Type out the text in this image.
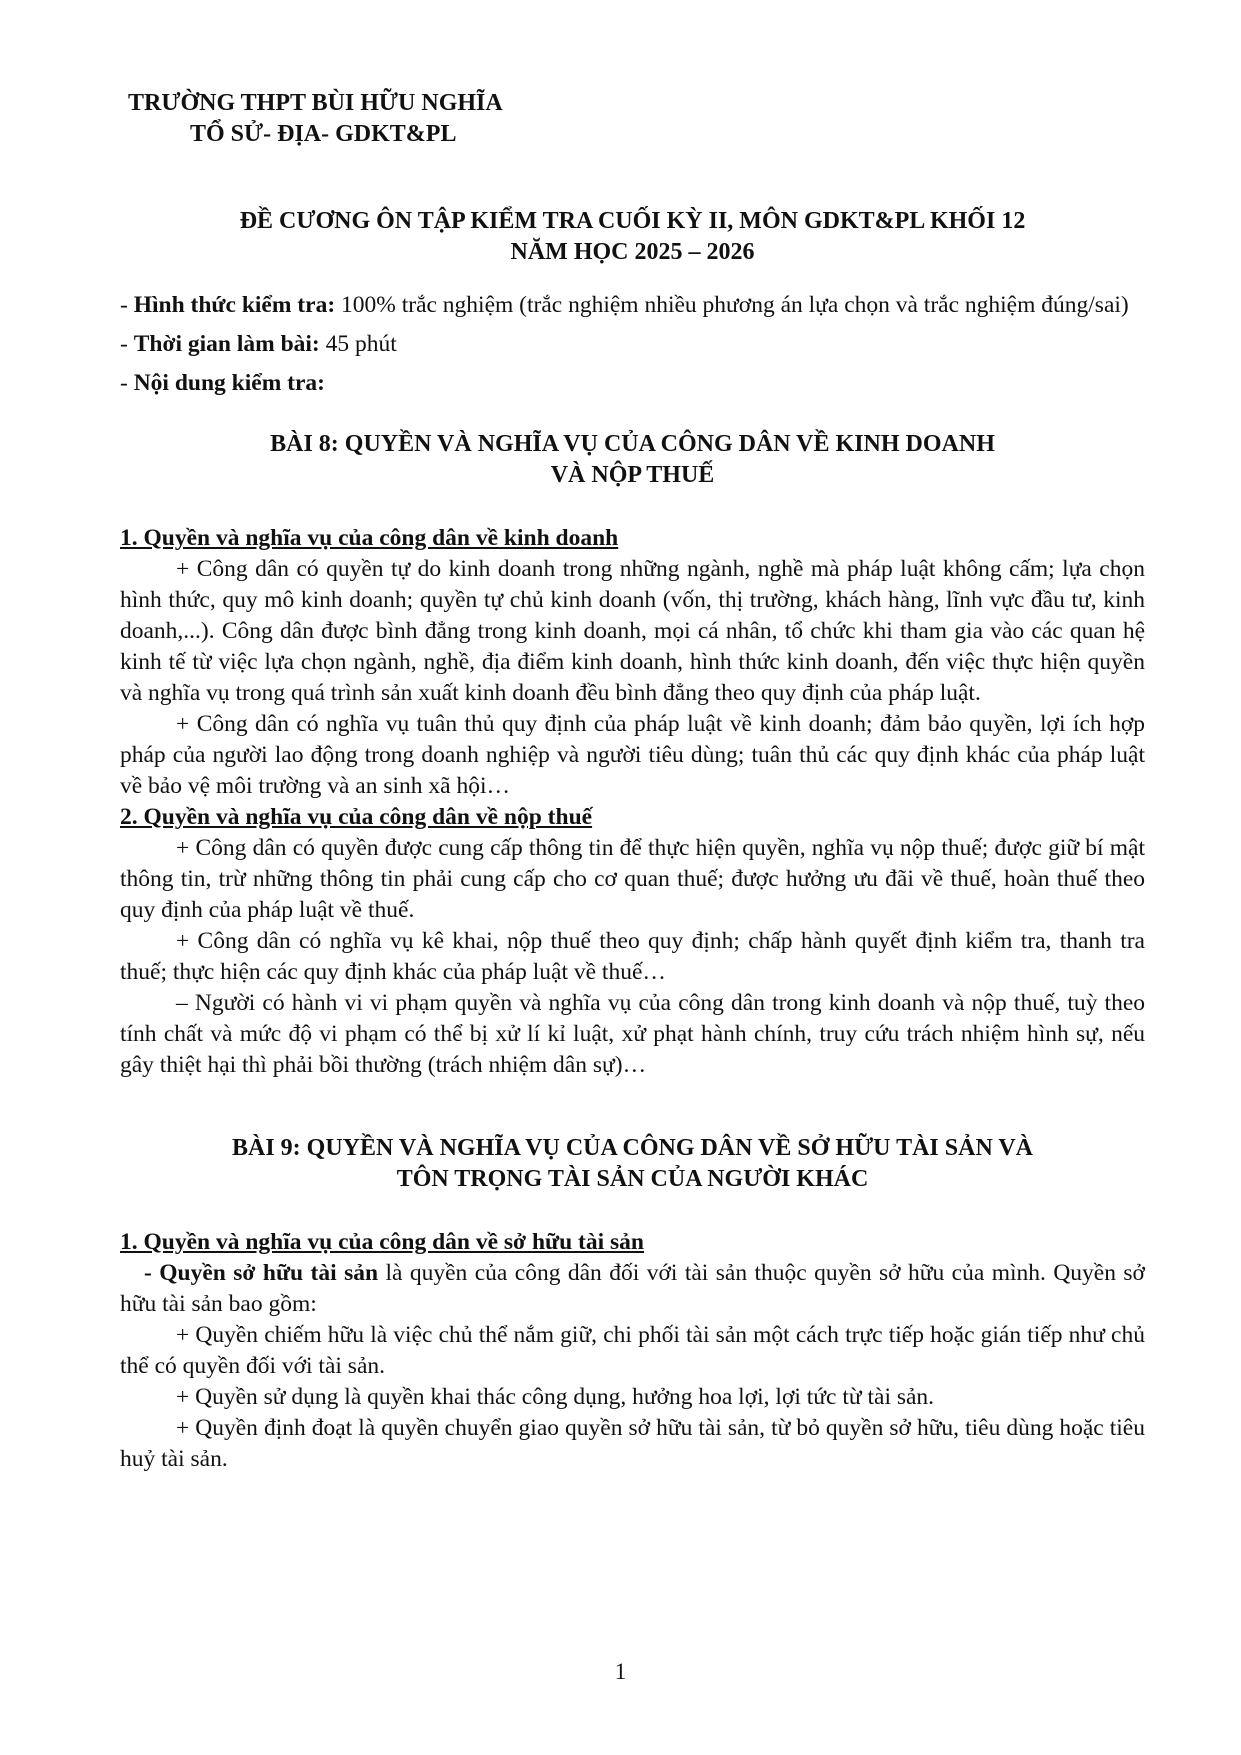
TRƯỜNG THPT BÙI HỮU NGHĨA
TỔ SỬ- ĐỊA- GDKT&PL
ĐỀ CƯƠNG ÔN TẬP KIỂM TRA CUỐI KỲ II, MÔN GDKT&PL KHỐI 12
NĂM HỌC 2025 – 2026

- Hình thức kiểm tra: 100% trắc nghiệm (trắc nghiệm nhiều phương án lựa chọn và trắc nghiệm đúng/sai)

- Thời gian làm bài: 45 phút

- Nội dung kiểm tra:

BÀI 8: QUYỀN VÀ NGHĨA VỤ CỦA CÔNG DÂN VỀ KINH DOANH
VÀ NỘP THUẾ

1. Quyền và nghĩa vụ của công dân về kinh doanh

+ Công dân có quyền tự do kinh doanh trong những ngành, nghề mà pháp luật không cấm; lựa chọn hình thức, quy mô kinh doanh; quyền tự chủ kinh doanh (vốn, thị trường, khách hàng, lĩnh vực đầu tư, kinh doanh,...). Công dân được bình đẳng trong kinh doanh, mọi cá nhân, tổ chức khi tham gia vào các quan hệ kinh tế từ việc lựa chọn ngành, nghề, địa điểm kinh doanh, hình thức kinh doanh, đến việc thực hiện quyền và nghĩa vụ trong quá trình sản xuất kinh doanh đều bình đẳng theo quy định của pháp luật.

+ Công dân có nghĩa vụ tuân thủ quy định của pháp luật về kinh doanh; đảm bảo quyền, lợi ích hợp pháp của người lao động trong doanh nghiệp và người tiêu dùng; tuân thủ các quy định khác của pháp luật về bảo vệ môi trường và an sinh xã hội…

2. Quyền và nghĩa vụ của công dân về nộp thuế

+ Công dân có quyền được cung cấp thông tin để thực hiện quyền, nghĩa vụ nộp thuế; được giữ bí mật thông tin, trừ những thông tin phải cung cấp cho cơ quan thuế; được hưởng ưu đãi về thuế, hoàn thuế theo quy định của pháp luật về thuế.

+ Công dân có nghĩa vụ kê khai, nộp thuế theo quy định; chấp hành quyết định kiểm tra, thanh tra thuế; thực hiện các quy định khác của pháp luật về thuế…

– Người có hành vi vi phạm quyền và nghĩa vụ của công dân trong kinh doanh và nộp thuế, tuỳ theo tính chất và mức độ vi phạm có thể bị xử lí kỉ luật, xử phạt hành chính, truy cứu trách nhiệm hình sự, nếu gây thiệt hại thì phải bồi thường (trách nhiệm dân sự)…

BÀI 9: QUYỀN VÀ NGHĨA VỤ CỦA CÔNG DÂN VỀ SỞ HỮU TÀI SẢN VÀ
TÔN TRỌNG TÀI SẢN CỦA NGƯỜI KHÁC

1. Quyền và nghĩa vụ của công dân về sở hữu tài sản

- Quyền sở hữu tài sản là quyền của công dân đối với tài sản thuộc quyền sở hữu của mình. Quyền sở hữu tài sản bao gồm:

+ Quyền chiếm hữu là việc chủ thể nắm giữ, chi phối tài sản một cách trực tiếp hoặc gián tiếp như chủ thể có quyền đối với tài sản.

+ Quyền sử dụng là quyền khai thác công dụng, hưởng hoa lợi, lợi tức từ tài sản.

+ Quyền định đoạt là quyền chuyển giao quyền sở hữu tài sản, từ bỏ quyền sở hữu, tiêu dùng hoặc tiêu huỷ tài sản.

1
